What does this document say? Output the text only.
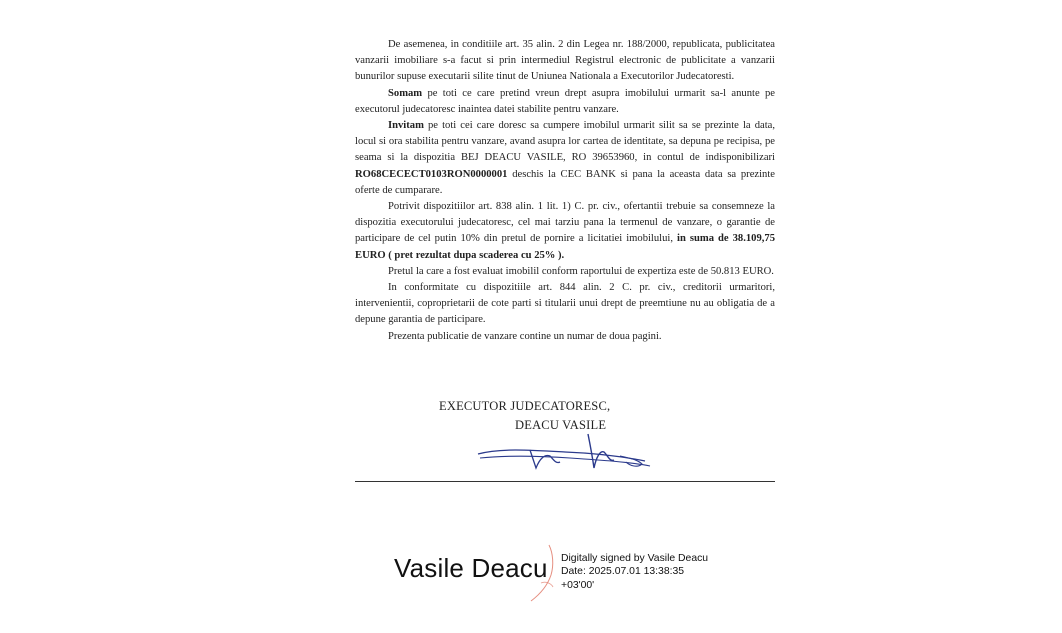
De asemenea, in conditiile art. 35 alin. 2 din Legea nr. 188/2000, republicata, publicitatea vanzarii imobiliare s-a facut si prin intermediul Registrul electronic de publicitate a vanzarii bunurilor supuse executarii silite tinut de Uniunea Nationala a Executorilor Judecatoresti.

Somam pe toti ce care pretind vreun drept asupra imobilului urmarit sa-l anunte pe executorul judecatoresc inaintea datei stabilite pentru vanzare.

Invitam pe toti cei care doresc sa cumpere imobilul urmarit silit sa se prezinte la data, locul si ora stabilita pentru vanzare, avand asupra lor cartea de identitate, sa depuna pe recipisa, pe seama si la dispozitia BEJ DEACU VASILE, RO 39653960, in contul de indisponibilizari RO68CECECT0103RON0000001 deschis la CEC BANK si pana la aceasta data sa prezinte oferte de cumparare.

Potrivit dispozitiilor art. 838 alin. 1 lit. 1) C. pr. civ., ofertantii trebuie sa consemneze la dispozitia executorului judecatoresc, cel mai tarziu pana la termenul de vanzare, o garantie de participare de cel putin 10% din pretul de pornire a licitatiei imobilului, in suma de 38.109,75 EURO ( pret rezultat dupa scaderea cu 25% ).

Pretul la care a fost evaluat imobilil conform raportului de expertiza este de 50.813 EURO.

In conformitate cu dispozitiile art. 844 alin. 2 C. pr. civ., creditorii urmaritori, intervenientii, coproprietarii de cote parti si titularii unui drept de preemtiune nu au obligatia de a depune garantia de participare.

Prezenta publicatie de vanzare contine un numar de doua pagini.

EXECUTOR JUDECATORESC,
DEACU VASILE
Vasile Deacu Digitally signed by Vasile Deacu
Date: 2025.07.01 13:38:35
+03'00'
